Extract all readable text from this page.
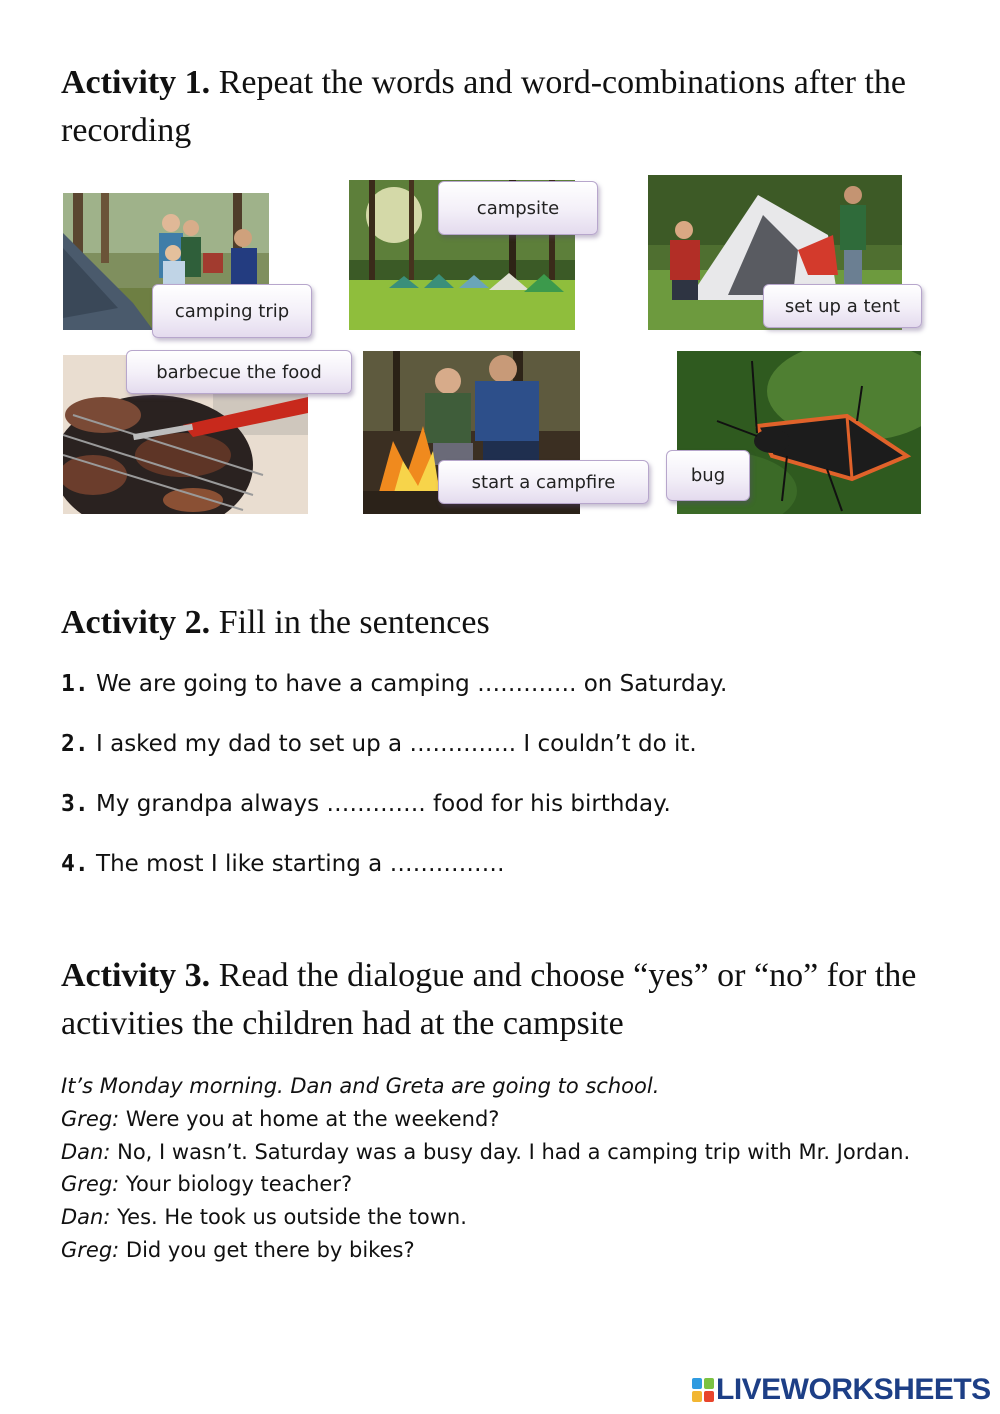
Activity 1. Repeat the words and word-combinations after the recording
camping trip
campsite
set up a tent
barbecue the food
start a campfire	bug
Activity 2. Fill in the sentences

1. We are going to have a camping …………. on Saturday.

2. I asked my dad to set up a ………….. I couldn’t do it.

3. My grandpa always …………. food for his birthday.

4. The most I like starting a ……………

Activity 3. Read the dialogue and choose “yes” or “no” for the activities the children had at the campsite

It’s Monday morning. Dan and Greta are going to school.

Greg: Were you at home at the weekend?

Dan: No, I wasn’t. Saturday was a busy day. I had a camping trip with Mr. Jordan.

Greg: Your biology teacher?

Dan: Yes. He took us outside the town.

Greg: Did you get there by bikes?

LIVEWORKSHEETS
